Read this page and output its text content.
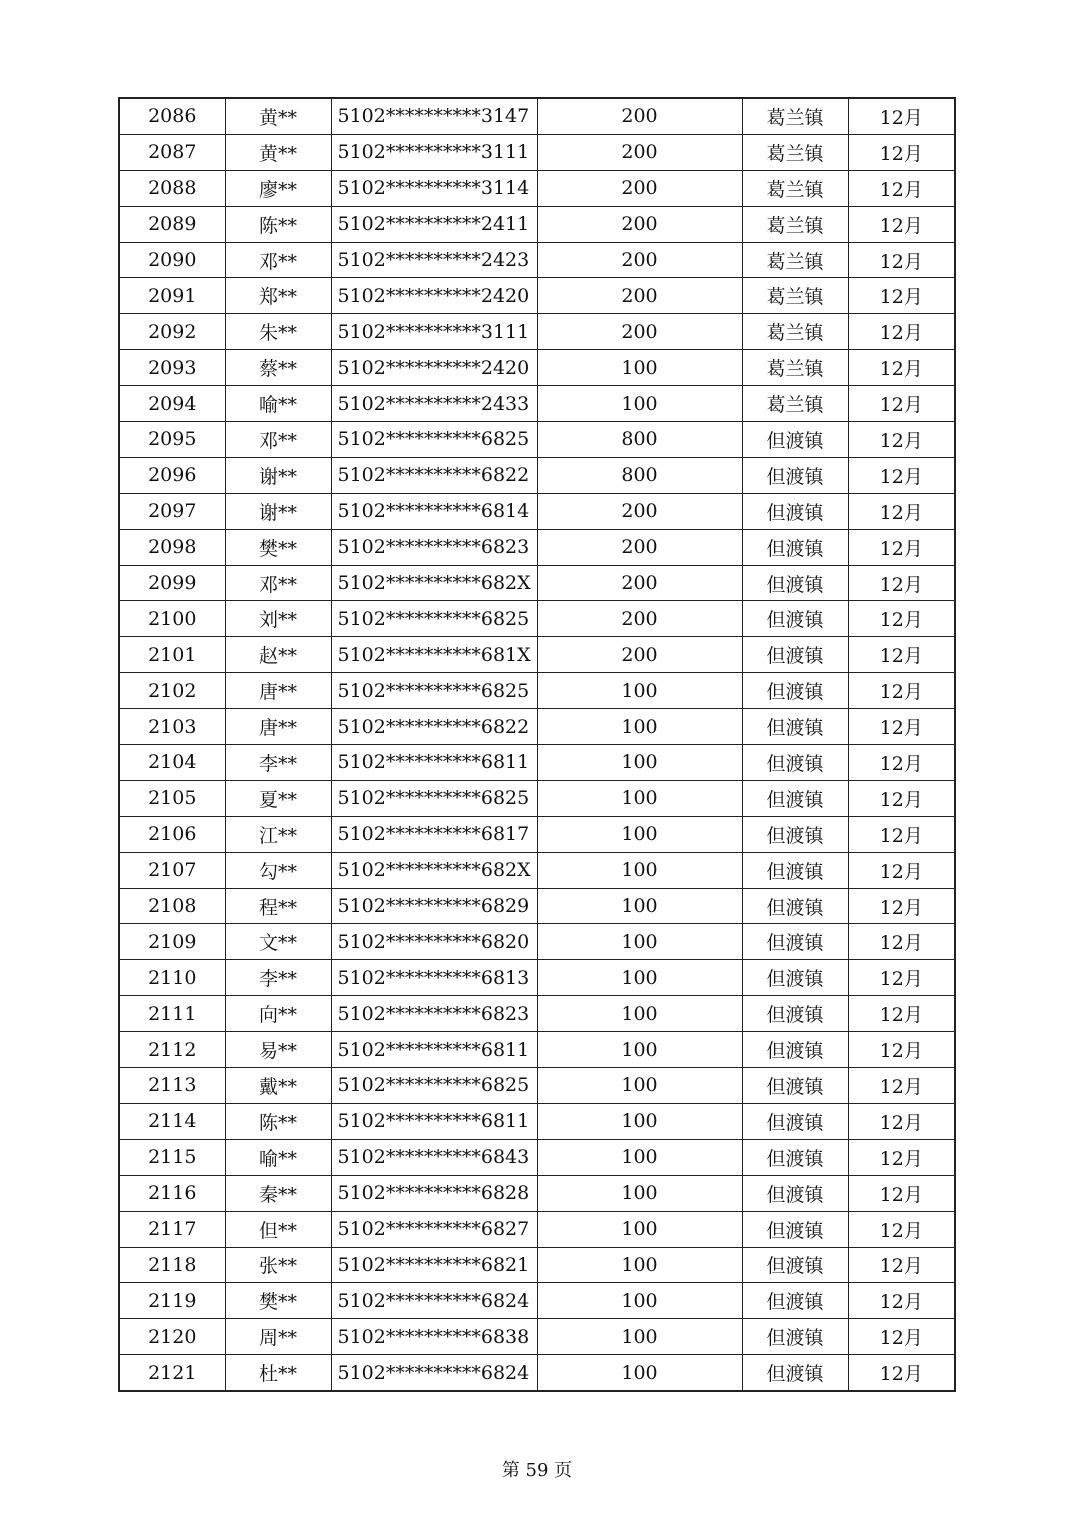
2086	黄**	5102**********3147	200	葛兰镇	12月
2087	黄**	5102**********3111	200	葛兰镇	12月
2088	廖**	5102**********3114	200	葛兰镇	12月
2089	陈**	5102**********2411	200	葛兰镇	12月
2090	邓**	5102**********2423	200	葛兰镇	12月
2091	郑**	5102**********2420	200	葛兰镇	12月
2092	朱**	5102**********3111	200	葛兰镇	12月
2093	蔡**	5102**********2420	100	葛兰镇	12月
2094	喻**	5102**********2433	100	葛兰镇	12月
2095	邓**	5102**********6825	800	但渡镇	12月
2096	谢**	5102**********6822	800	但渡镇	12月
2097	谢**	5102**********6814	200	但渡镇	12月
2098	樊**	5102**********6823	200	但渡镇	12月
2099	邓**	5102**********682X	200	但渡镇	12月
2100	刘**	5102**********6825	200	但渡镇	12月
2101	赵**	5102**********681X	200	但渡镇	12月
2102	唐**	5102**********6825	100	但渡镇	12月
2103	唐**	5102**********6822	100	但渡镇	12月
2104	李**	5102**********6811	100	但渡镇	12月
2105	夏**	5102**********6825	100	但渡镇	12月
2106	江**	5102**********6817	100	但渡镇	12月
2107	勾**	5102**********682X	100	但渡镇	12月
2108	程**	5102**********6829	100	但渡镇	12月
2109	文**	5102**********6820	100	但渡镇	12月
2110	李**	5102**********6813	100	但渡镇	12月
2111	向**	5102**********6823	100	但渡镇	12月
2112	易**	5102**********6811	100	但渡镇	12月
2113	戴**	5102**********6825	100	但渡镇	12月
2114	陈**	5102**********6811	100	但渡镇	12月
2115	喻**	5102**********6843	100	但渡镇	12月
2116	秦**	5102**********6828	100	但渡镇	12月
2117	但**	5102**********6827	100	但渡镇	12月
2118	张**	5102**********6821	100	但渡镇	12月
2119	樊**	5102**********6824	100	但渡镇	12月
2120	周**	5102**********6838	100	但渡镇	12月
2121	杜**	5102**********6824	100	但渡镇	12月
第 59 页
